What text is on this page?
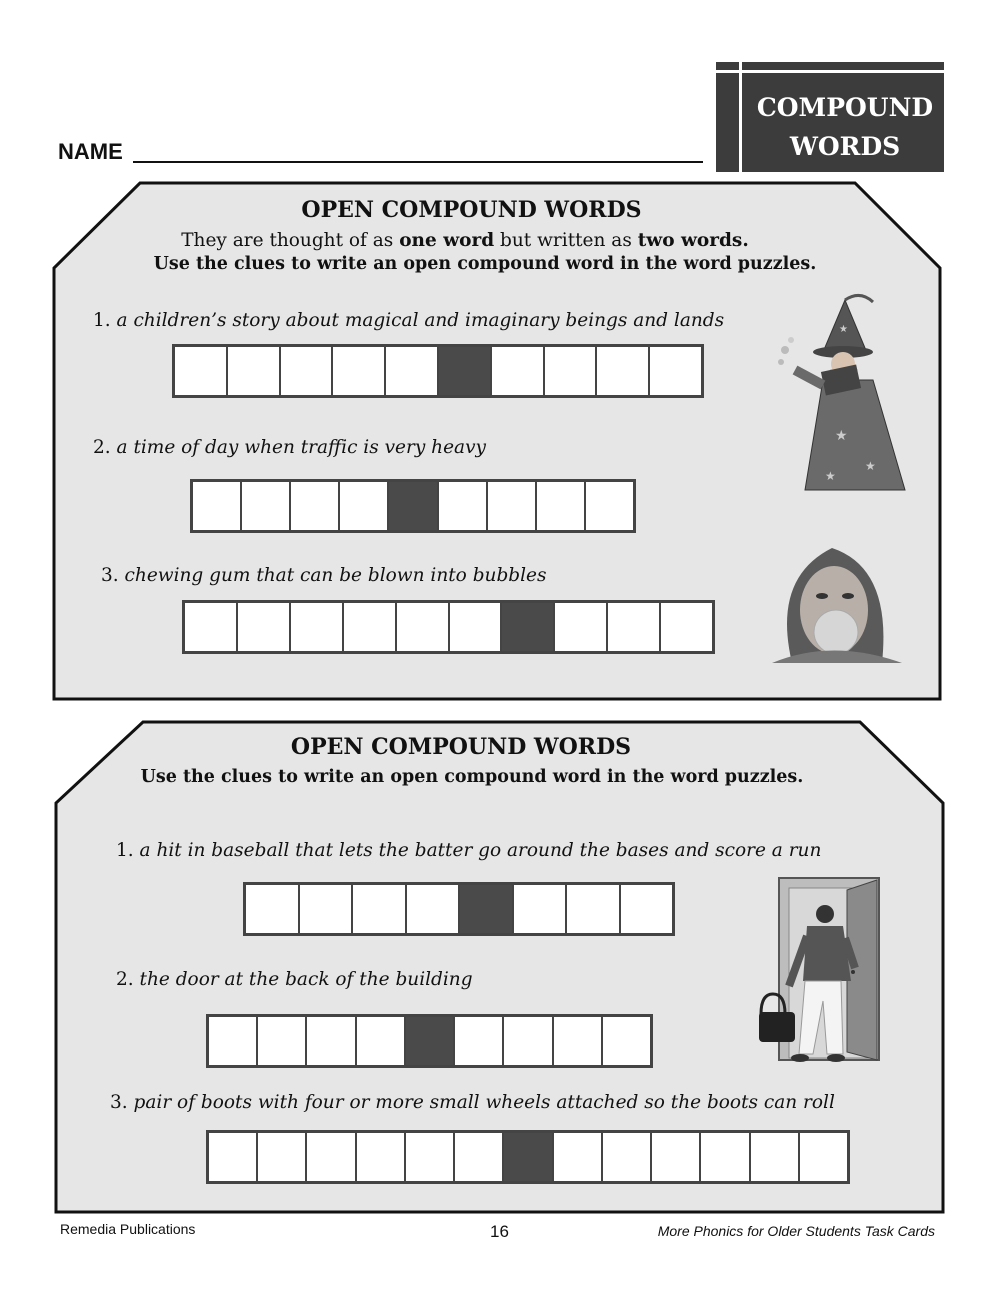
COMPOUND
WORDS
NAME
OPEN COMPOUND WORDS
They are thought of as one word but written as two words.
Use the clues to write an open compound word in the word puzzles.
1. a children’s story about magical and imaginary beings and lands
2. a time of day when traffic is very heavy
3. chewing gum that can be blown into bubbles
★
★
★
★
OPEN COMPOUND WORDS
Use the clues to write an open compound word in the word puzzles.
1. a hit in baseball that lets the batter go around the bases and score a run
2. the door at the back of the building
3. pair of boots with four or more small wheels attached so the boots can roll
Remedia Publications	16	More Phonics for Older Students Task Cards
